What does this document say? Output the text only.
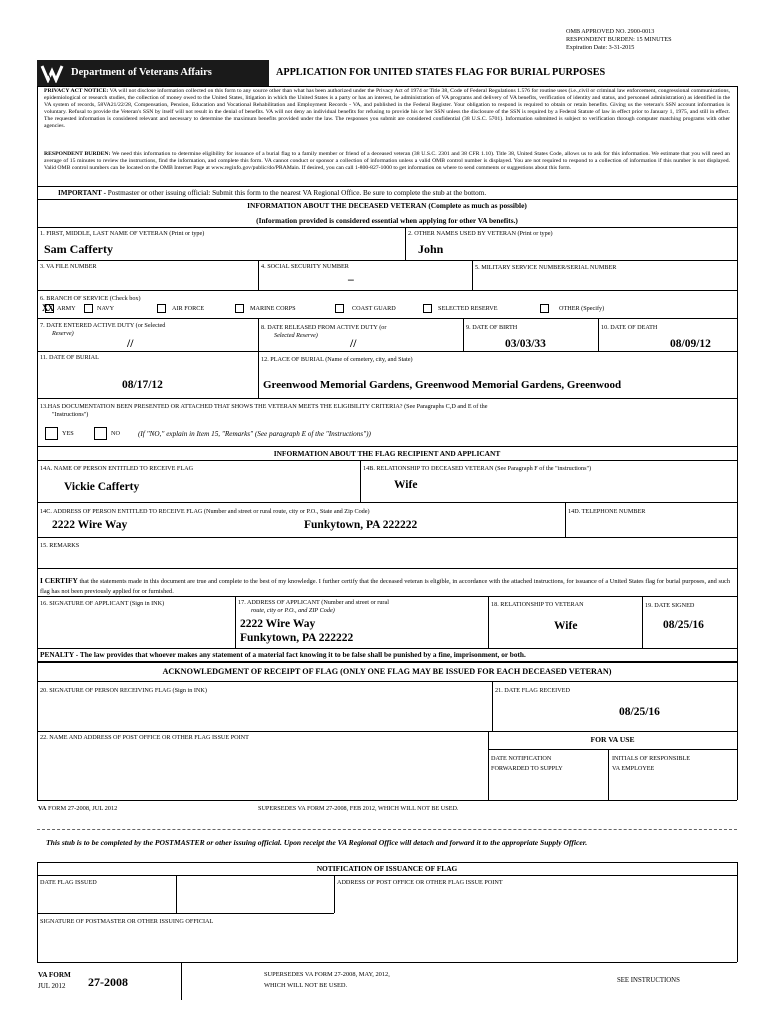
OMB APPROVED NO. 2900-0013
RESPONDENT BURDEN: 15 MINUTES
Expiration Date: 3-31-2015
Department of Veterans Affairs	APPLICATION FOR UNITED STATES FLAG FOR BURIAL PURPOSES
PRIVACY ACT NOTICE: VA will not disclose information collected on this form to any source other than what has been authorized under the Privacy Act of 1974 or Title 38, Code of Federal Regulations 1.576 for routine uses (i.e.,civil or criminal law enforcement, congressional communications, epidemiological or research studies, the collection of money owed to the United States, litigation in which the United States is a party or has an interest, he administration of VA programs and delivery of VA benefits, verification of identity and status, and personnel administration) as identified in the VA system of records, 58VA21/22/28, Compensation, Pension, Education and Vocational Rehabilitation and Employment Records - VA, and published in the Federal Register. Your obligation to respond is required to obtain or retain benefits. Giving us the veteran's SSN account information is voluntary. Refusal to provide the Veteran's SSN by itself will not result in the denial of benefits. VA will not deny an individual benefits for refusing to provide his or her SSN unless the disclosure of the SSN is required by a Federal Statute of law in effect prior to January 1, 1975, and still in effect. The requested information is considered relevant and necessary to determine the maximum benefits provided under the law. The responses you submit are considered confidential (38 U.S.C. 5701). Information submitted is subject to verification through computer matching programs with other agencies.
RESPONDENT BURDEN: We need this information to determine eligibility for issuance of a burial flag to a family member or friend of a deceased veteran (38 U.S.C. 2301 and 38 CFR 1.10). Title 38, United States Code, allows us to ask for this information. We estimate that you will need an average of 15 minutes to review the instructions, find the information, and complete this form. VA cannot conduct or sponsor a collection of information unless a valid OMB control number is displayed. You are not required to respond to a collection of information if this number is not displayed. Valid OMB control numbers can be located on the OMB Internet Page at www.reginfo.gov/public/do/PRAMain. If desired, you can call 1-800-827-1000 to get information on where to send comments or suggestions about this form.
IMPORTANT - Postmaster or other issuing official: Submit this form to the nearest VA Regional Office. Be sure to complete the stub at the bottom.
INFORMATION ABOUT THE DECEASED VETERAN (Complete as much as possible)
(Information provided is considered essential when applying for other VA benefits.)
1. FIRST, MIDDLE, LAST NAME OF VETERAN (Print or type)
Sam Cafferty
2. OTHER NAMES USED BY VETERAN (Print or type)
John
3. VA FILE NUMBER	4. SOCIAL SECURITY NUMBER
–
5. MILITARY SERVICE NUMBER/SERIAL NUMBER
6. BRANCH OF SERVICE (Check box)
XX ARMY	NAVY	AIR FORCE	MARINE CORPS	COAST GUARD	SELECTED RESERVE	OTHER (Specify)
7. DATE ENTERED ACTIVE DUTY (or Selected
Reserve)
//
8. DATE RELEASED FROM ACTIVE DUTY (or
Selected Reserve)
//
9. DATE OF BIRTH
03/03/33
10. DATE OF DEATH
08/09/12
11. DATE OF BURIAL
08/17/12
12. PLACE OF BURIAL (Name of cemetery, city, and State)
Greenwood Memorial Gardens, Greenwood Memorial Gardens, Greenwood
13.HAS DOCUMENTATION BEEN PRESENTED OR ATTACHED THAT SHOWS THE VETERAN MEETS THE ELIGIBILITY CRITERIA? (See Paragraphs C,D and E of the
"Instructions")
YES	NO	(If "NO," explain in Item 15, "Remarks" (See paragraph E of the "Instructions"))
INFORMATION ABOUT THE FLAG RECIPIENT AND APPLICANT
14A. NAME OF PERSON ENTITLED TO RECEIVE FLAG
Vickie Cafferty
14B. RELATIONSHIP TO DECEASED VETERAN (See Paragraph F of the "instructions")
Wife
14C. ADDRESS OF PERSON ENTITLED TO RECEIVE FLAG (Number and street or rural route, city or P.O., State and Zip Code)
2222 Wire Way	Funkytown, PA 222222
14D. TELEPHONE NUMBER
15. REMARKS
I CERTIFY that the statements made in this document are true and complete to the best of my knowledge. I further certify that the deceased veteran is eligible, in accordance with the attached instructions, for issuance of a United States flag for burial purposes, and such flag has not been previously applied for or furnished.
16. SIGNATURE OF APPLICANT (Sign in INK)	17. ADDRESS OF APPLICANT (Number and street or rural
route, city or P.O., and ZIP Code)
2222 Wire Way
Funkytown, PA 222222
18. RELATIONSHIP TO VETERAN
Wife
19. DATE SIGNED
08/25/16
PENALTY - The law provides that whoever makes any statement of a material fact knowing it to be false shall be punished by a fine, imprisonment, or both.
ACKNOWLEDGMENT OF RECEIPT OF FLAG (ONLY ONE FLAG MAY BE ISSUED FOR EACH DECEASED VETERAN)
20. SIGNATURE OF PERSON RECEIVING FLAG (Sign in INK)	21. DATE FLAG RECEIVED
08/25/16
22. NAME AND ADDRESS OF POST OFFICE OR OTHER FLAG ISSUE POINT	FOR VA USE
DATE NOTIFICATION
FORWARDED TO SUPPLY
INITIALS OF RESPONSIBLE
VA EMPLOYEE
VA FORM 27-2008, JUL 2012	SUPERSEDES VA FORM 27-2008, FEB 2012, WHICH WILL NOT BE USED.
This stub is to be completed by the POSTMASTER or other issuing official. Upon receipt the VA Regional Office will detach and forward it to the appropriate Supply Officer.
NOTIFICATION OF ISSUANCE OF FLAG
DATE FLAG ISSUED	ADDRESS OF POST OFFICE OR OTHER FLAG ISSUE POINT
SIGNATURE OF POSTMASTER OR OTHER ISSUING OFFICIAL
VA FORM
JUL 2012 27-2008
SUPERSEDES VA FORM 27-2008, MAY, 2012,
WHICH WILL NOT BE USED.
SEE INSTRUCTIONS
